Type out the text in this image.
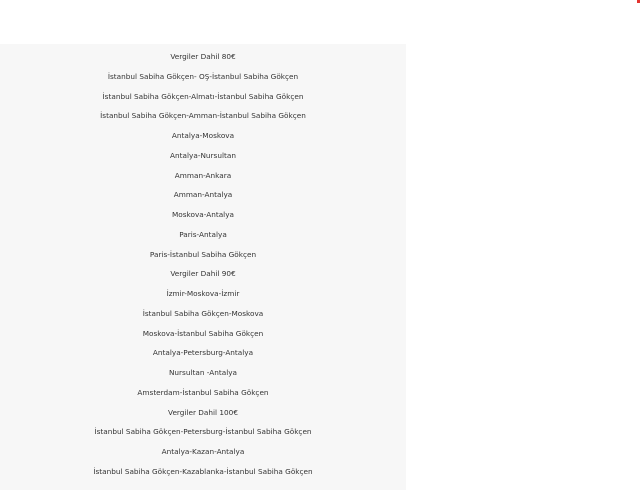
Vergiler Dahil 80€
İstanbul Sabiha Gökçen- OŞ-İstanbul Sabiha Gökçen
İstanbul Sabiha Gökçen-Almatı-İstanbul Sabiha Gökçen
İstanbul Sabiha Gökçen-Amman-İstanbul Sabiha Gökçen
Antalya-Moskova
Antalya-Nursultan
Amman-Ankara
Amman-Antalya
Moskova-Antalya
Paris-Antalya
Paris-İstanbul Sabiha Gökçen
Vergiler Dahil 90€
İzmir-Moskova-İzmir
İstanbul Sabiha Gökçen-Moskova
Moskova-İstanbul Sabiha Gökçen
Antalya-Petersburg-Antalya
Nursultan -Antalya
Amsterdam-İstanbul Sabiha Gökçen
Vergiler Dahil 100€
İstanbul Sabiha Gökçen-Petersburg-İstanbul Sabiha Gökçen
Antalya-Kazan-Antalya
İstanbul Sabiha Gökçen-Kazablanka-İstanbul Sabiha Gökçen
